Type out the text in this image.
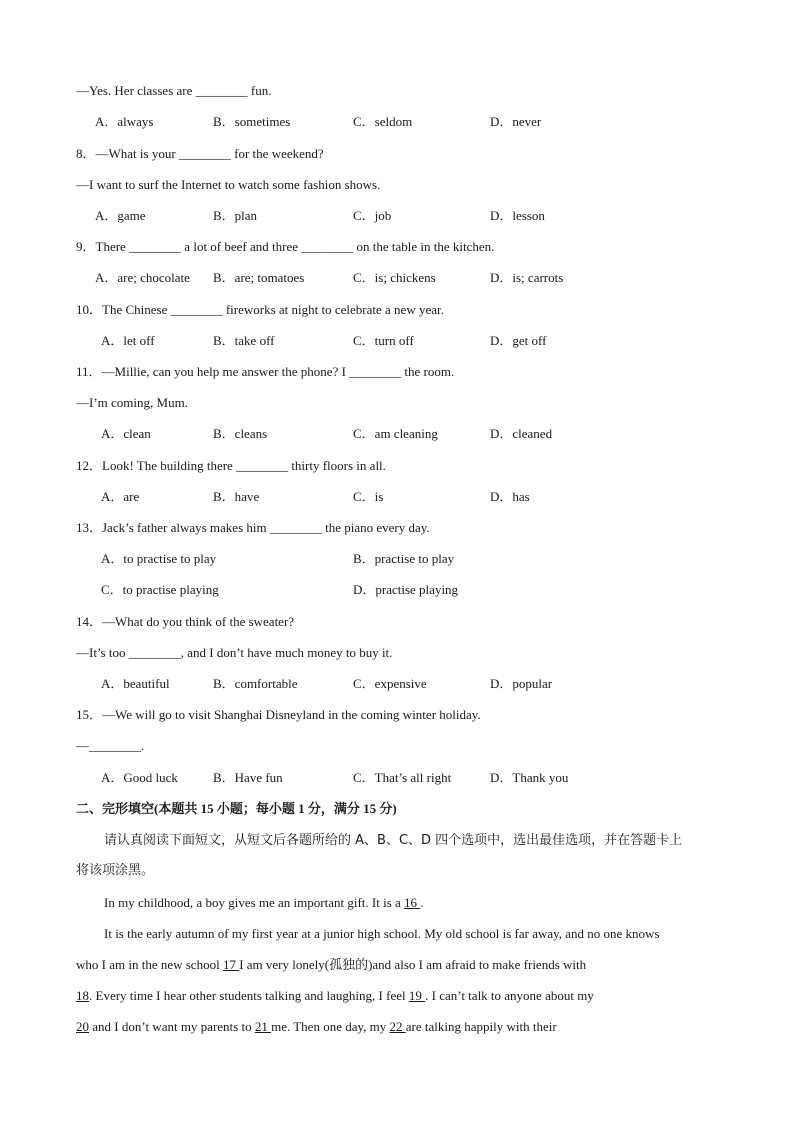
—Yes. Her classes are ________ fun.
A．always	B．sometimes	C．seldom	D．never
8．—What is your ________ for the weekend?
—I want to surf the Internet to watch some fashion shows.
A．game	B．plan	C．job	D．lesson
9．There ________ a lot of beef and three ________ on the table in the kitchen.
A．are; chocolate B．are; tomatoes	C．is; chickens	D．is; carrots
10．The Chinese ________ fireworks at night to celebrate a new year.
A．let off	B．take off	C．turn off	D．get off
11．—Millie, can you help me answer the phone? I ________ the room.
—I’m coming, Mum.
A．clean	B．cleans	C．am cleaning	D．cleaned
12．Look! The building there ________ thirty floors in all.
A．are	B．have	C．is	D．has
13．Jack’s father always makes him ________ the piano every day.
A．to practise to play	B．practise to play
C．to practise playing	D．practise playing
14．—What do you think of the sweater?
—It’s too ________, and I don’t have much money to buy it.
A．beautiful	B．comfortable	C．expensive	D．popular
15．—We will go to visit Shanghai Disneyland in the coming winter holiday.
—________.
A．Good luck	B．Have fun	C．That’s all right	D．Thank you
二、完形填空(本题共 15 小题；每小题 1 分，满分 15 分)
请认真阅读下面短文，从短文后各题所给的 A、B、C、D 四个选项中，选出最佳选项，并在答题卡上
将该项涂黑。
In my childhood, a boy gives me an important gift. It is a 16 .
It is the early autumn of my first year at a junior high school. My old school is far away, and no one knows
who I am in the new school 17 I am very lonely(孤独的)and also I am afraid to make friends with
18. Every time I hear other students talking and laughing, I feel 19 . I can’t talk to anyone about my
20 and I don’t want my parents to 21 me. Then one day, my 22 are talking happily with their
